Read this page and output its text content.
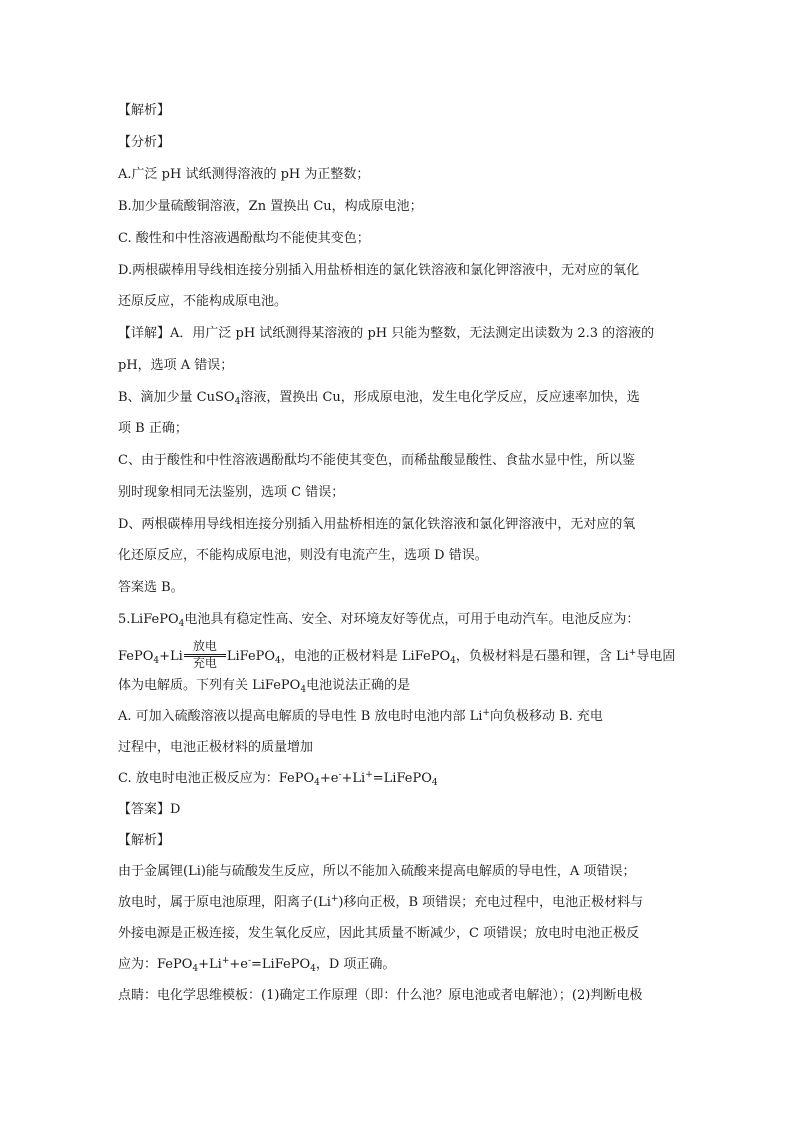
【解析】
【分析】
A.广泛 pH 试纸测得溶液的 pH 为正整数；
B.加少量硫酸铜溶液，Zn 置换出 Cu，构成原电池；
C. 酸性和中性溶液遇酚酞均不能使其变色；
D.两根碳棒用导线相连接分别插入用盐桥相连的氯化铁溶液和氯化钾溶液中，无对应的氧化
还原反应，不能构成原电池。
【详解】A．用广泛 pH 试纸测得某溶液的 pH 只能为整数，无法测定出读数为 2.3 的溶液的
pH，选项 A 错误；
B、滴加少量 CuSO$_4$溶液，置换出 Cu，形成原电池，发生电化学反应，反应速率加快，选
项 B 正确；
C、由于酸性和中性溶液遇酚酞均不能使其变色，而稀盐酸显酸性、食盐水显中性，所以鉴
别时现象相同无法鉴别，选项 C 错误；
D、两根碳棒用导线相连接分别插入用盐桥相连的氯化铁溶液和氯化钾溶液中，无对应的氧
化还原反应，不能构成原电池，则没有电流产生，选项 D 错误。
答案选 B。
5.LiFePO$_4$电池具有稳定性高、安全、对环境友好等优点，可用于电动汽车。电池反应为：
FePO$_4$+Li
放电
充电 LiFePO$_4$，电池的正极材料是 LiFePO$_4$，负极材料是石墨和锂，含 Li+导电固
体为电解质。下列有关 LiFePO$_4$电池说法正确的是
A. 可加入硫酸溶液以提高电解质的导电性 B 放电时电池内部 Li+向负极移动 B. 充电
过程中，电池正极材料的质量增加
C. 放电时电池正极反应为：FePO$_4$+e-+Li+=LiFePO$_4$
【答案】D
【解析】
由于金属锂(Li)能与硫酸发生反应，所以不能加入硫酸来提高电解质的导电性，A 项错误；
放电时，属于原电池原理，阳离子(Li+)移向正极，B 项错误；充电过程中，电池正极材料与
外接电源是正极连接，发生氧化反应，因此其质量不断减少，C 项错误；放电时电池正极反
应为：FePO$_4$+Li++e-=LiFePO$_4$，D 项正确。
点睛：电化学思维模板：(1)确定工作原理（即：什么池？原电池或者电解池）；(2)判断电极
